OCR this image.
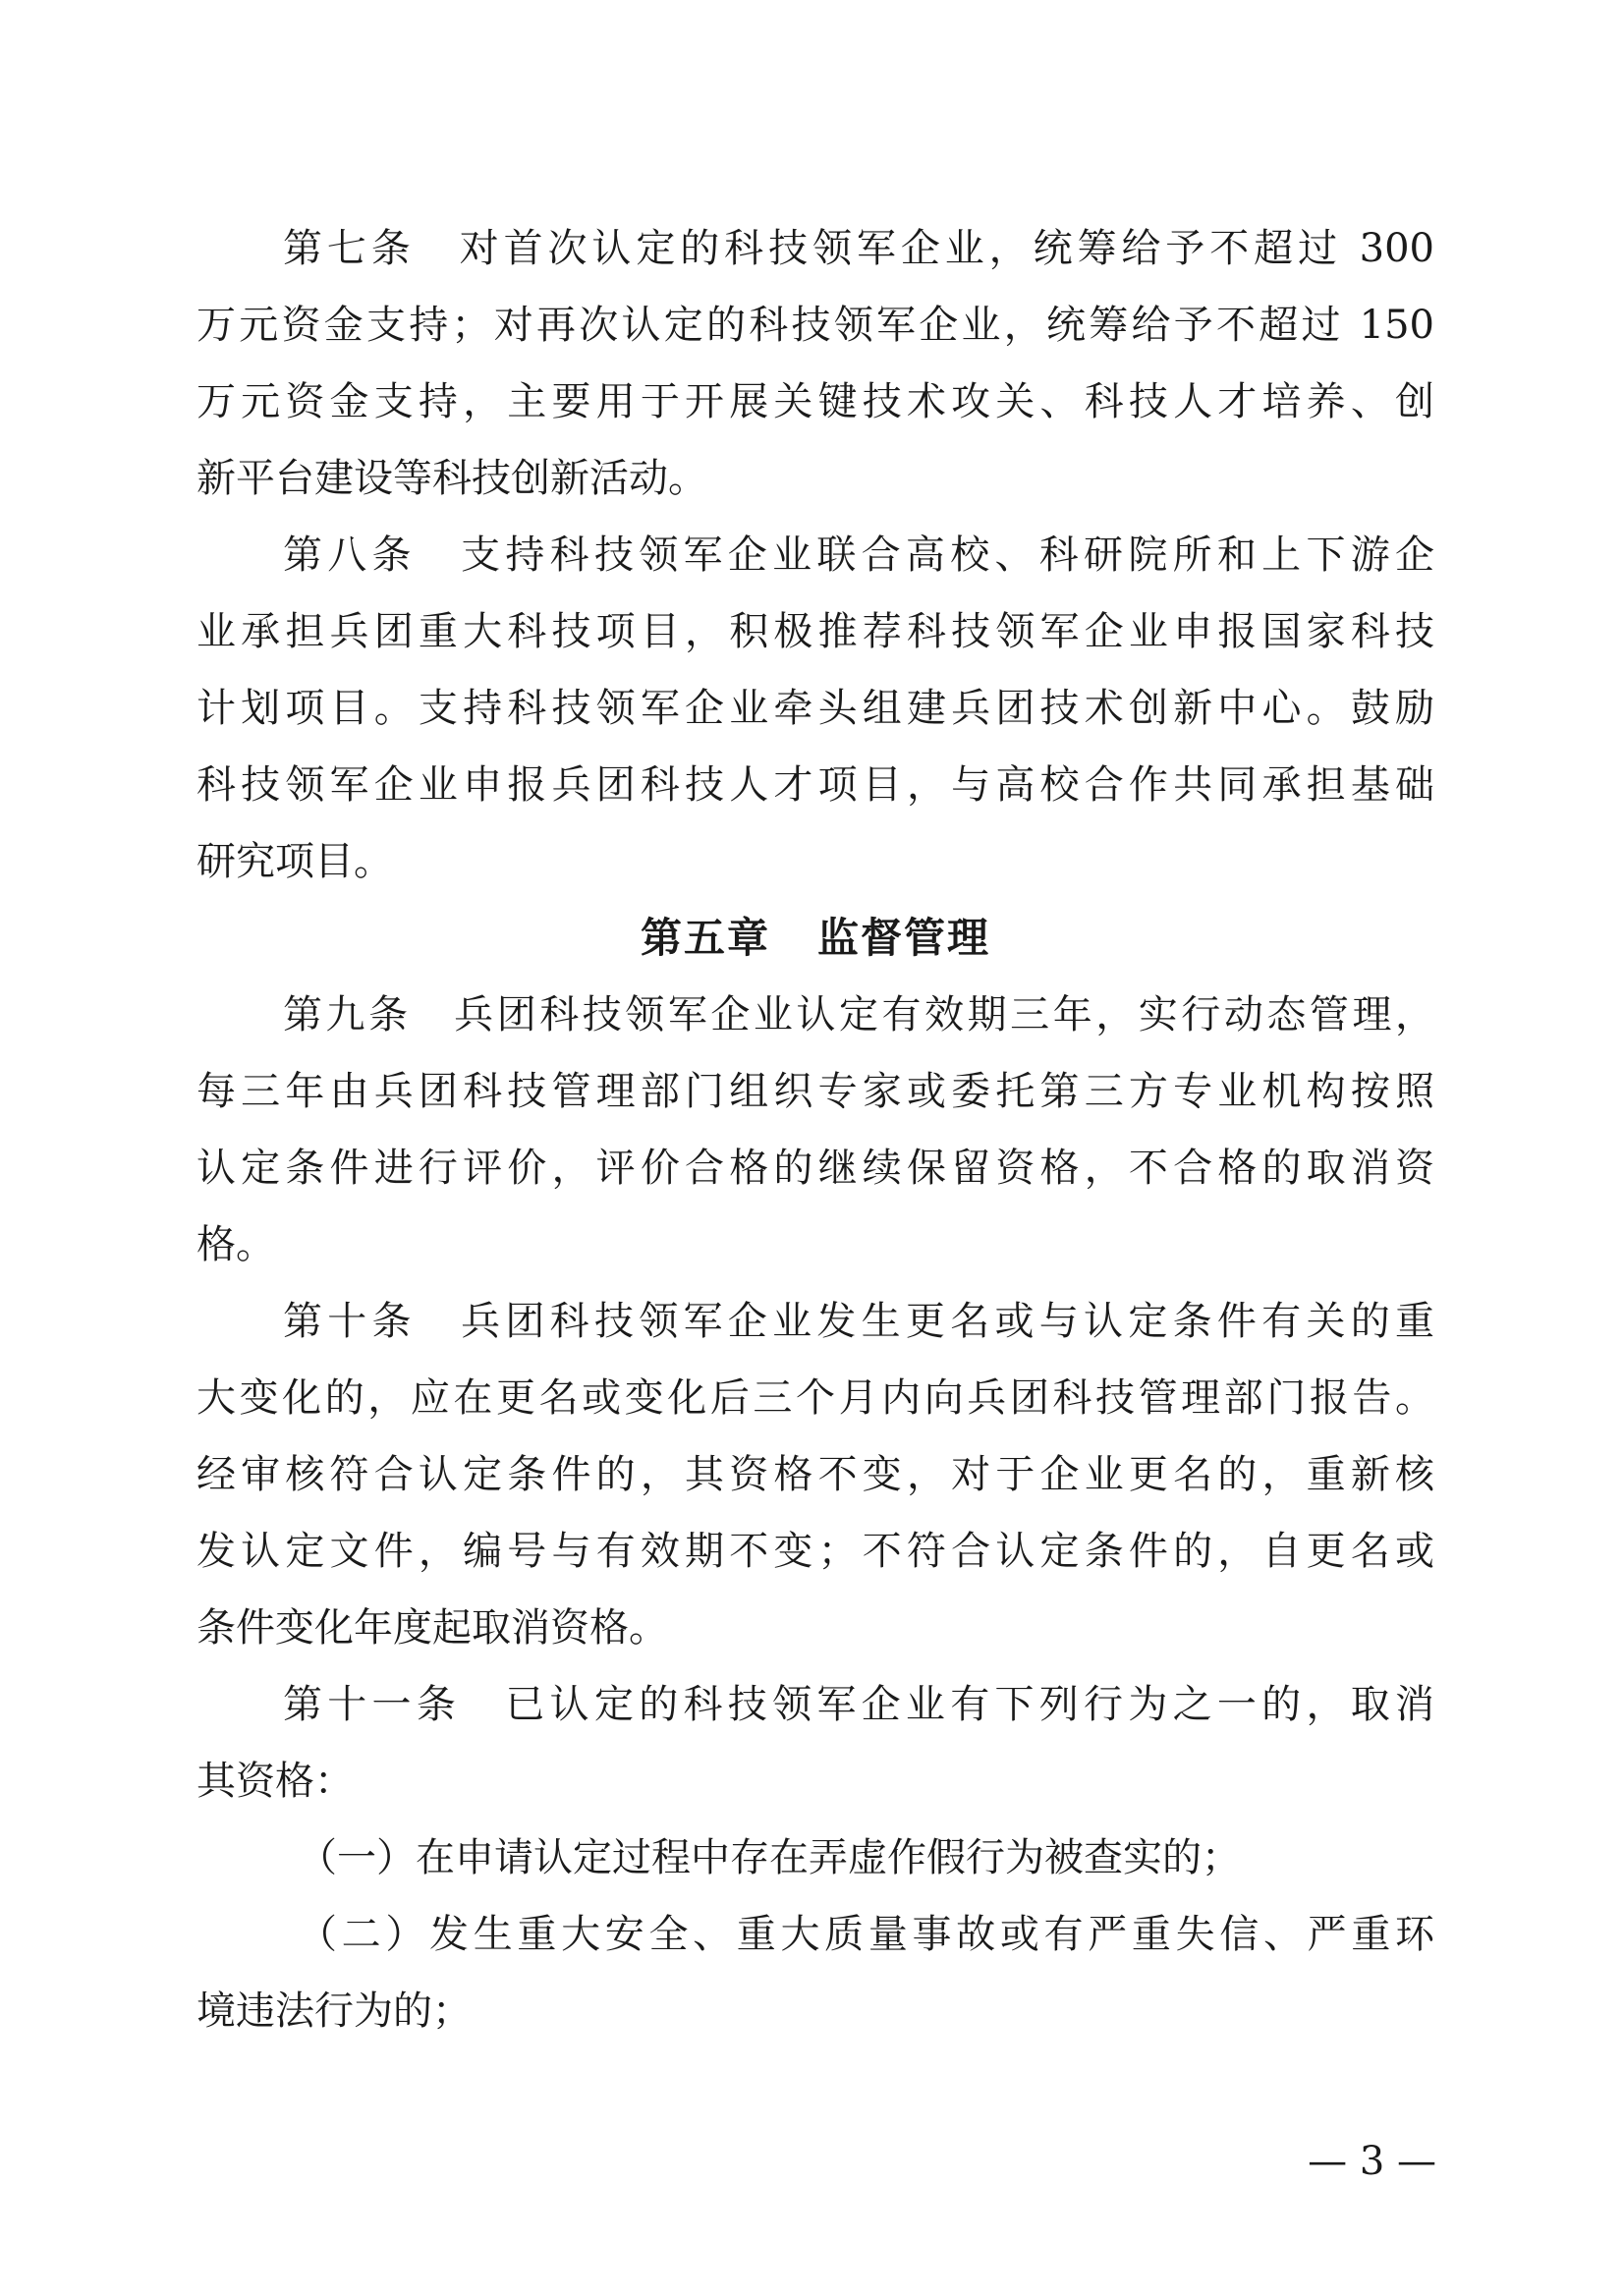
第七条　对首次认定的科技领军企业，统筹给予不超过 300
万元资金支持；对再次认定的科技领军企业，统筹给予不超过 150
万元资金支持，主要用于开展关键技术攻关、科技人才培养、创
新平台建设等科技创新活动。
第八条　支持科技领军企业联合高校、科研院所和上下游企
业承担兵团重大科技项目，积极推荐科技领军企业申报国家科技
计划项目。支持科技领军企业牵头组建兵团技术创新中心。鼓励
科技领军企业申报兵团科技人才项目，与高校合作共同承担基础
研究项目。
第五章 监督管理
第九条　兵团科技领军企业认定有效期三年，实行动态管理，
每三年由兵团科技管理部门组织专家或委托第三方专业机构按照
认定条件进行评价，评价合格的继续保留资格，不合格的取消资
格。
第十条　兵团科技领军企业发生更名或与认定条件有关的重
大变化的，应在更名或变化后三个月内向兵团科技管理部门报告。
经审核符合认定条件的，其资格不变，对于企业更名的，重新核
发认定文件，编号与有效期不变；不符合认定条件的，自更名或
条件变化年度起取消资格。
第十一条　已认定的科技领军企业有下列行为之一的，取消
其资格：
（一）在申请认定过程中存在弄虚作假行为被查实的；
（二）发生重大安全、重大质量事故或有严重失信、严重环
境违法行为的；
— 3 —
